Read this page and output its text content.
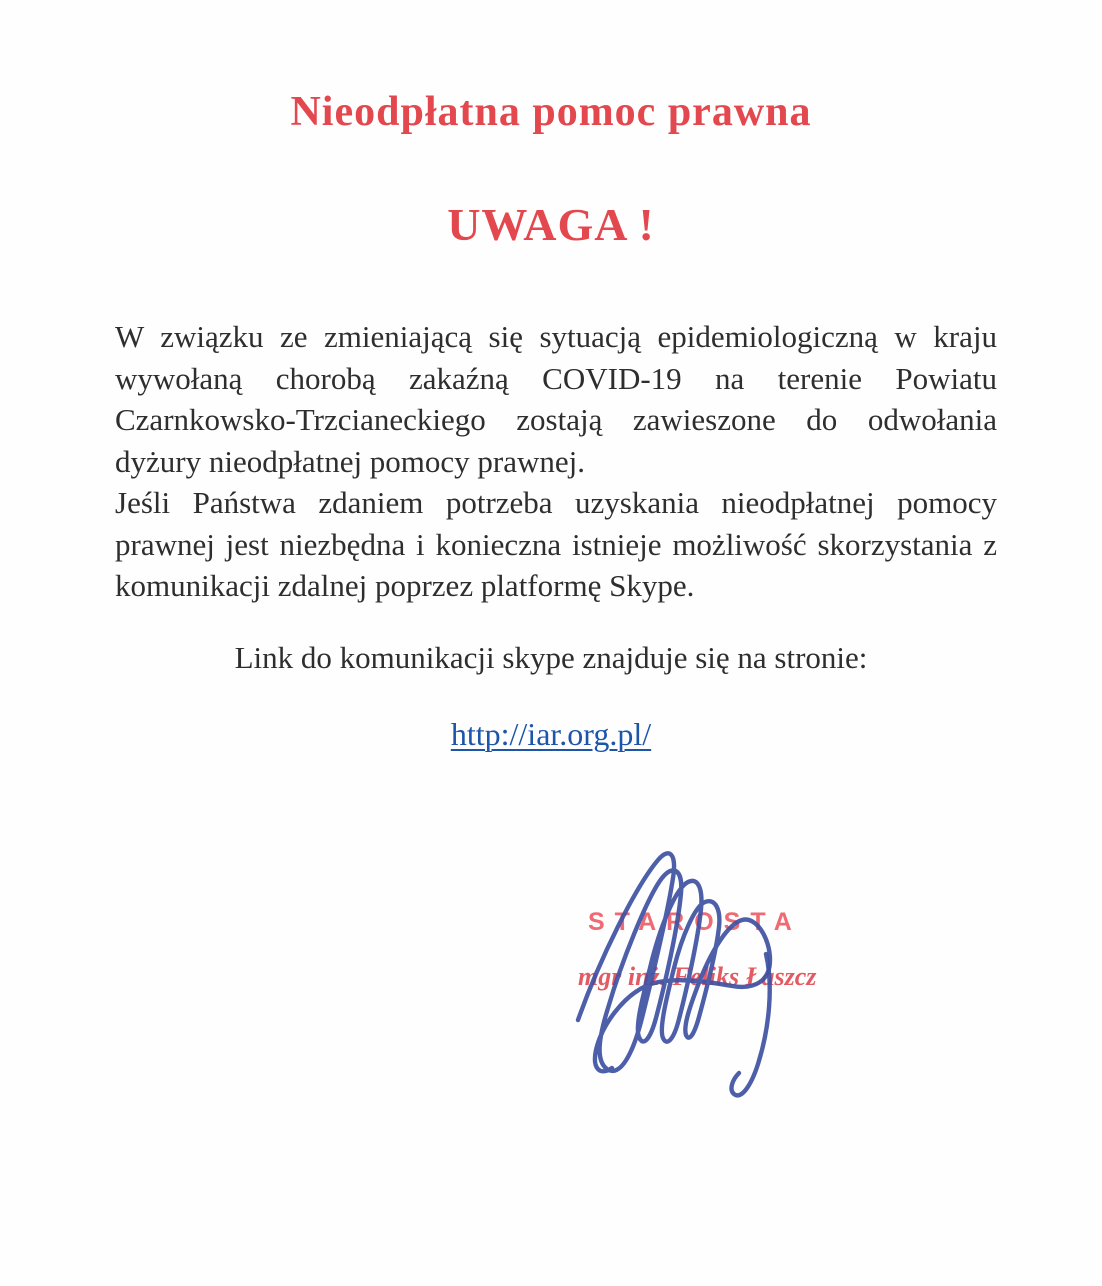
Nieodpłatna pomoc prawna
UWAGA !

W związku ze zmieniającą się sytuacją epidemiologiczną w kraju wywołaną chorobą zakaźną COVID-19 na terenie Powiatu Czarnkowsko-Trzcianeckiego zostają zawieszone do odwołania dyżury nieodpłatnej pomocy prawnej.

Jeśli Państwa zdaniem potrzeba uzyskania nieodpłatnej pomocy prawnej jest niezbędna i konieczna istnieje możliwość skorzystania z komunikacji zdalnej poprzez platformę Skype.

Link do komunikacji skype znajduje się na stronie:

http://iar.org.pl/

STAROSTA
mgr inż. Feliks Łaszcz
